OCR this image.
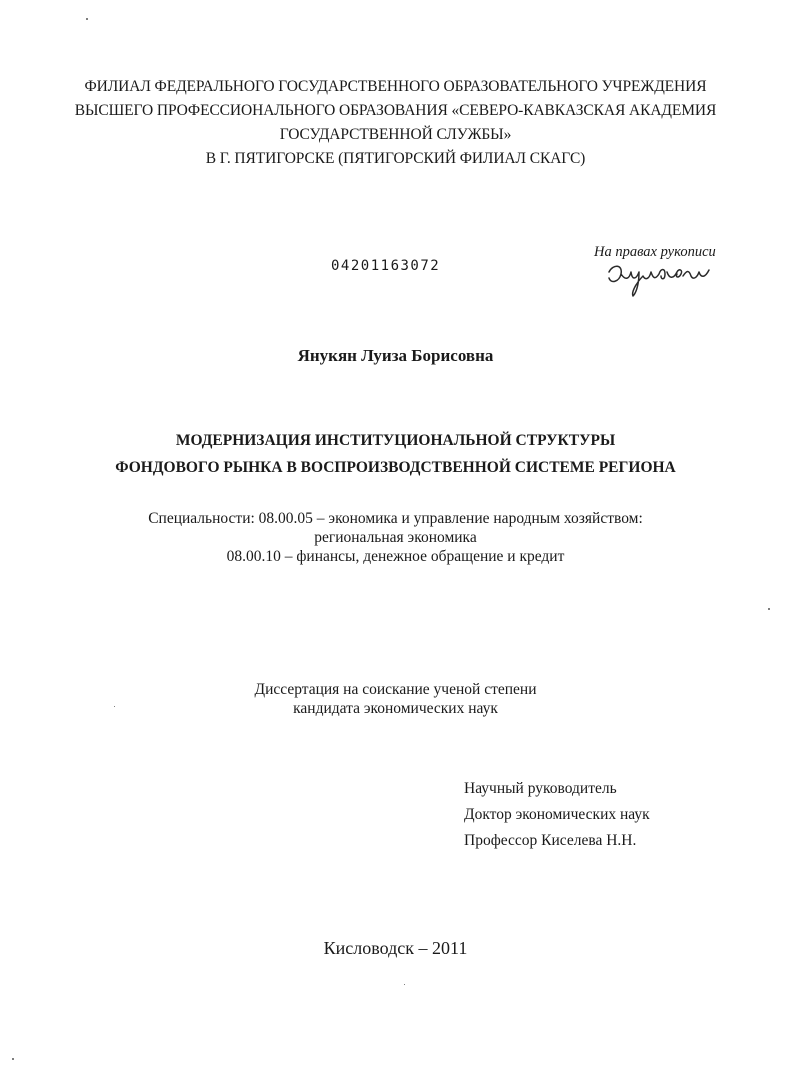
ФИЛИАЛ ФЕДЕРАЛЬНОГО ГОСУДАРСТВЕННОГО ОБРАЗОВАТЕЛЬНОГО УЧРЕЖДЕНИЯ
ВЫСШЕГО ПРОФЕССИОНАЛЬНОГО ОБРАЗОВАНИЯ «СЕВЕРО-КАВКАЗСКАЯ АКАДЕМИЯ
ГОСУДАРСТВЕННОЙ СЛУЖБЫ»
В Г. ПЯТИГОРСКЕ (ПЯТИГОРСКИЙ ФИЛИАЛ СКАГС)
04201163072
На правах рукописи
Янукян Луиза Борисовна
МОДЕРНИЗАЦИЯ ИНСТИТУЦИОНАЛЬНОЙ СТРУКТУРЫ
ФОНДОВОГО РЫНКА В ВОСПРОИЗВОДСТВЕННОЙ СИСТЕМЕ РЕГИОНА
Специальности: 08.00.05 – экономика и управление народным хозяйством:
региональная экономика
08.00.10 – финансы, денежное обращение и кредит
Диссертация на соискание ученой степени
кандидата экономических наук
Научный руководитель
Доктор экономических наук
Профессор Киселева Н.Н.
Кисловодск – 2011
